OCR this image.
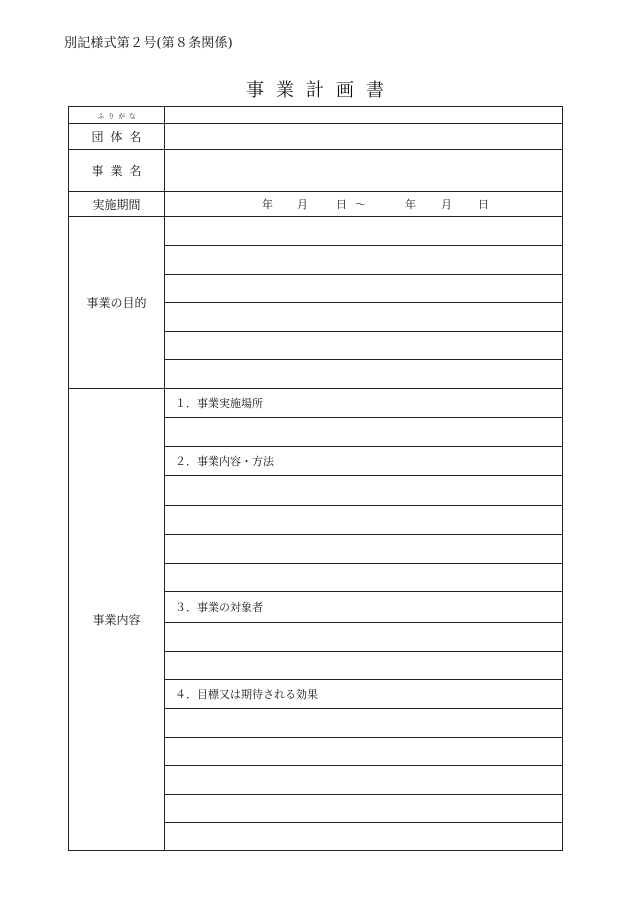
別記様式第２号(第８条関係)
事業計画書
ふりがな
団体名
事業名
実施期間	年 月	日 ～	年 月 日
事業の目的
事業内容
１．事業実施場所
２．事業内容・方法
３．事業の対象者
４．目標又は期待される効果
